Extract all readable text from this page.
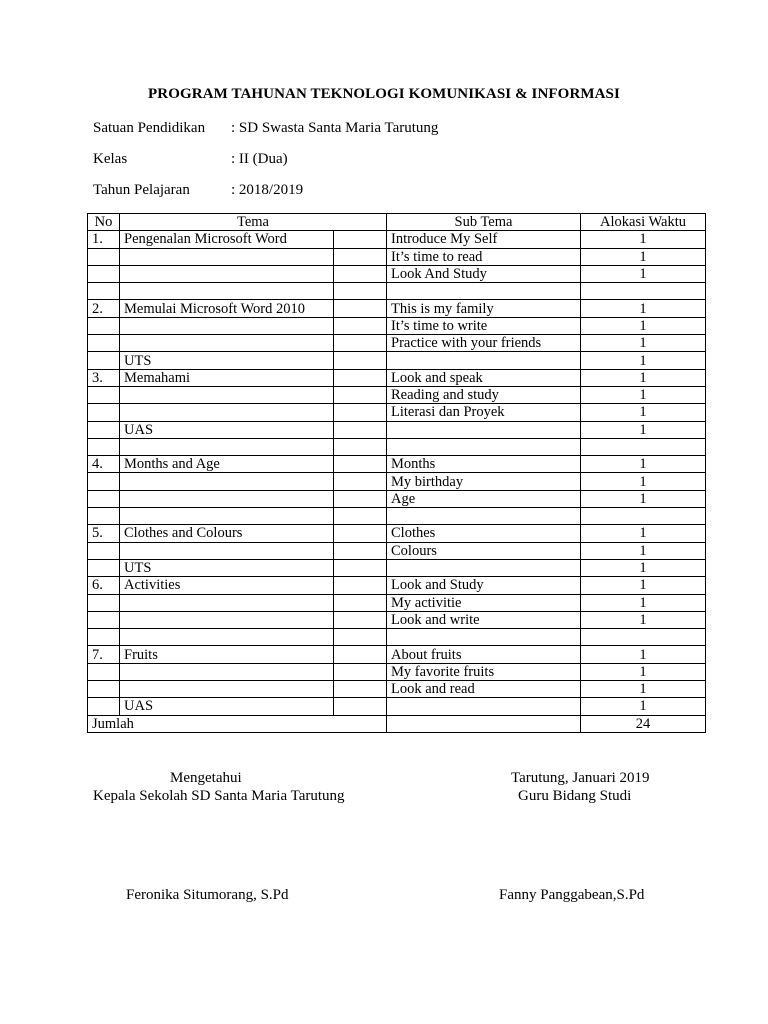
PROGRAM TAHUNAN TEKNOLOGI KOMUNIKASI & INFORMASI
Satuan Pendidikan : SD Swasta Santa Maria Tarutung
Kelas	: II (Dua)
Tahun Pelajaran	: 2018/2019
No	Tema		Sub Tema	Alokasi Waktu
1.	Pengenalan Microsoft Word		Introduce My Self	1
			It’s time to read	1
			Look And Study	1

2.	Memulai Microsoft Word 2010		This is my family	1
			It’s time to write	1
			Practice with your friends	1
	UTS			1
3.	Memahami		Look and speak	1
			Reading and study	1
			Literasi dan Proyek	1
	UAS			1

4.	Months and Age		Months	1
			My birthday	1
			Age	1

5.	Clothes and Colours		Clothes	1
			Colours	1
	UTS			1
6.	Activities		Look and Study	1
			My activitie	1
			Look and write	1

7.	Fruits		About fruits	1
			My favorite fruits	1
			Look and read	1
	UAS			1
Jumlah				24
Mengetahui
Kepala Sekolah SD Santa Maria Tarutung
Feronika Situmorang, S.Pd
Tarutung, Januari 2019
Guru Bidang Studi
Fanny Panggabean,S.Pd
